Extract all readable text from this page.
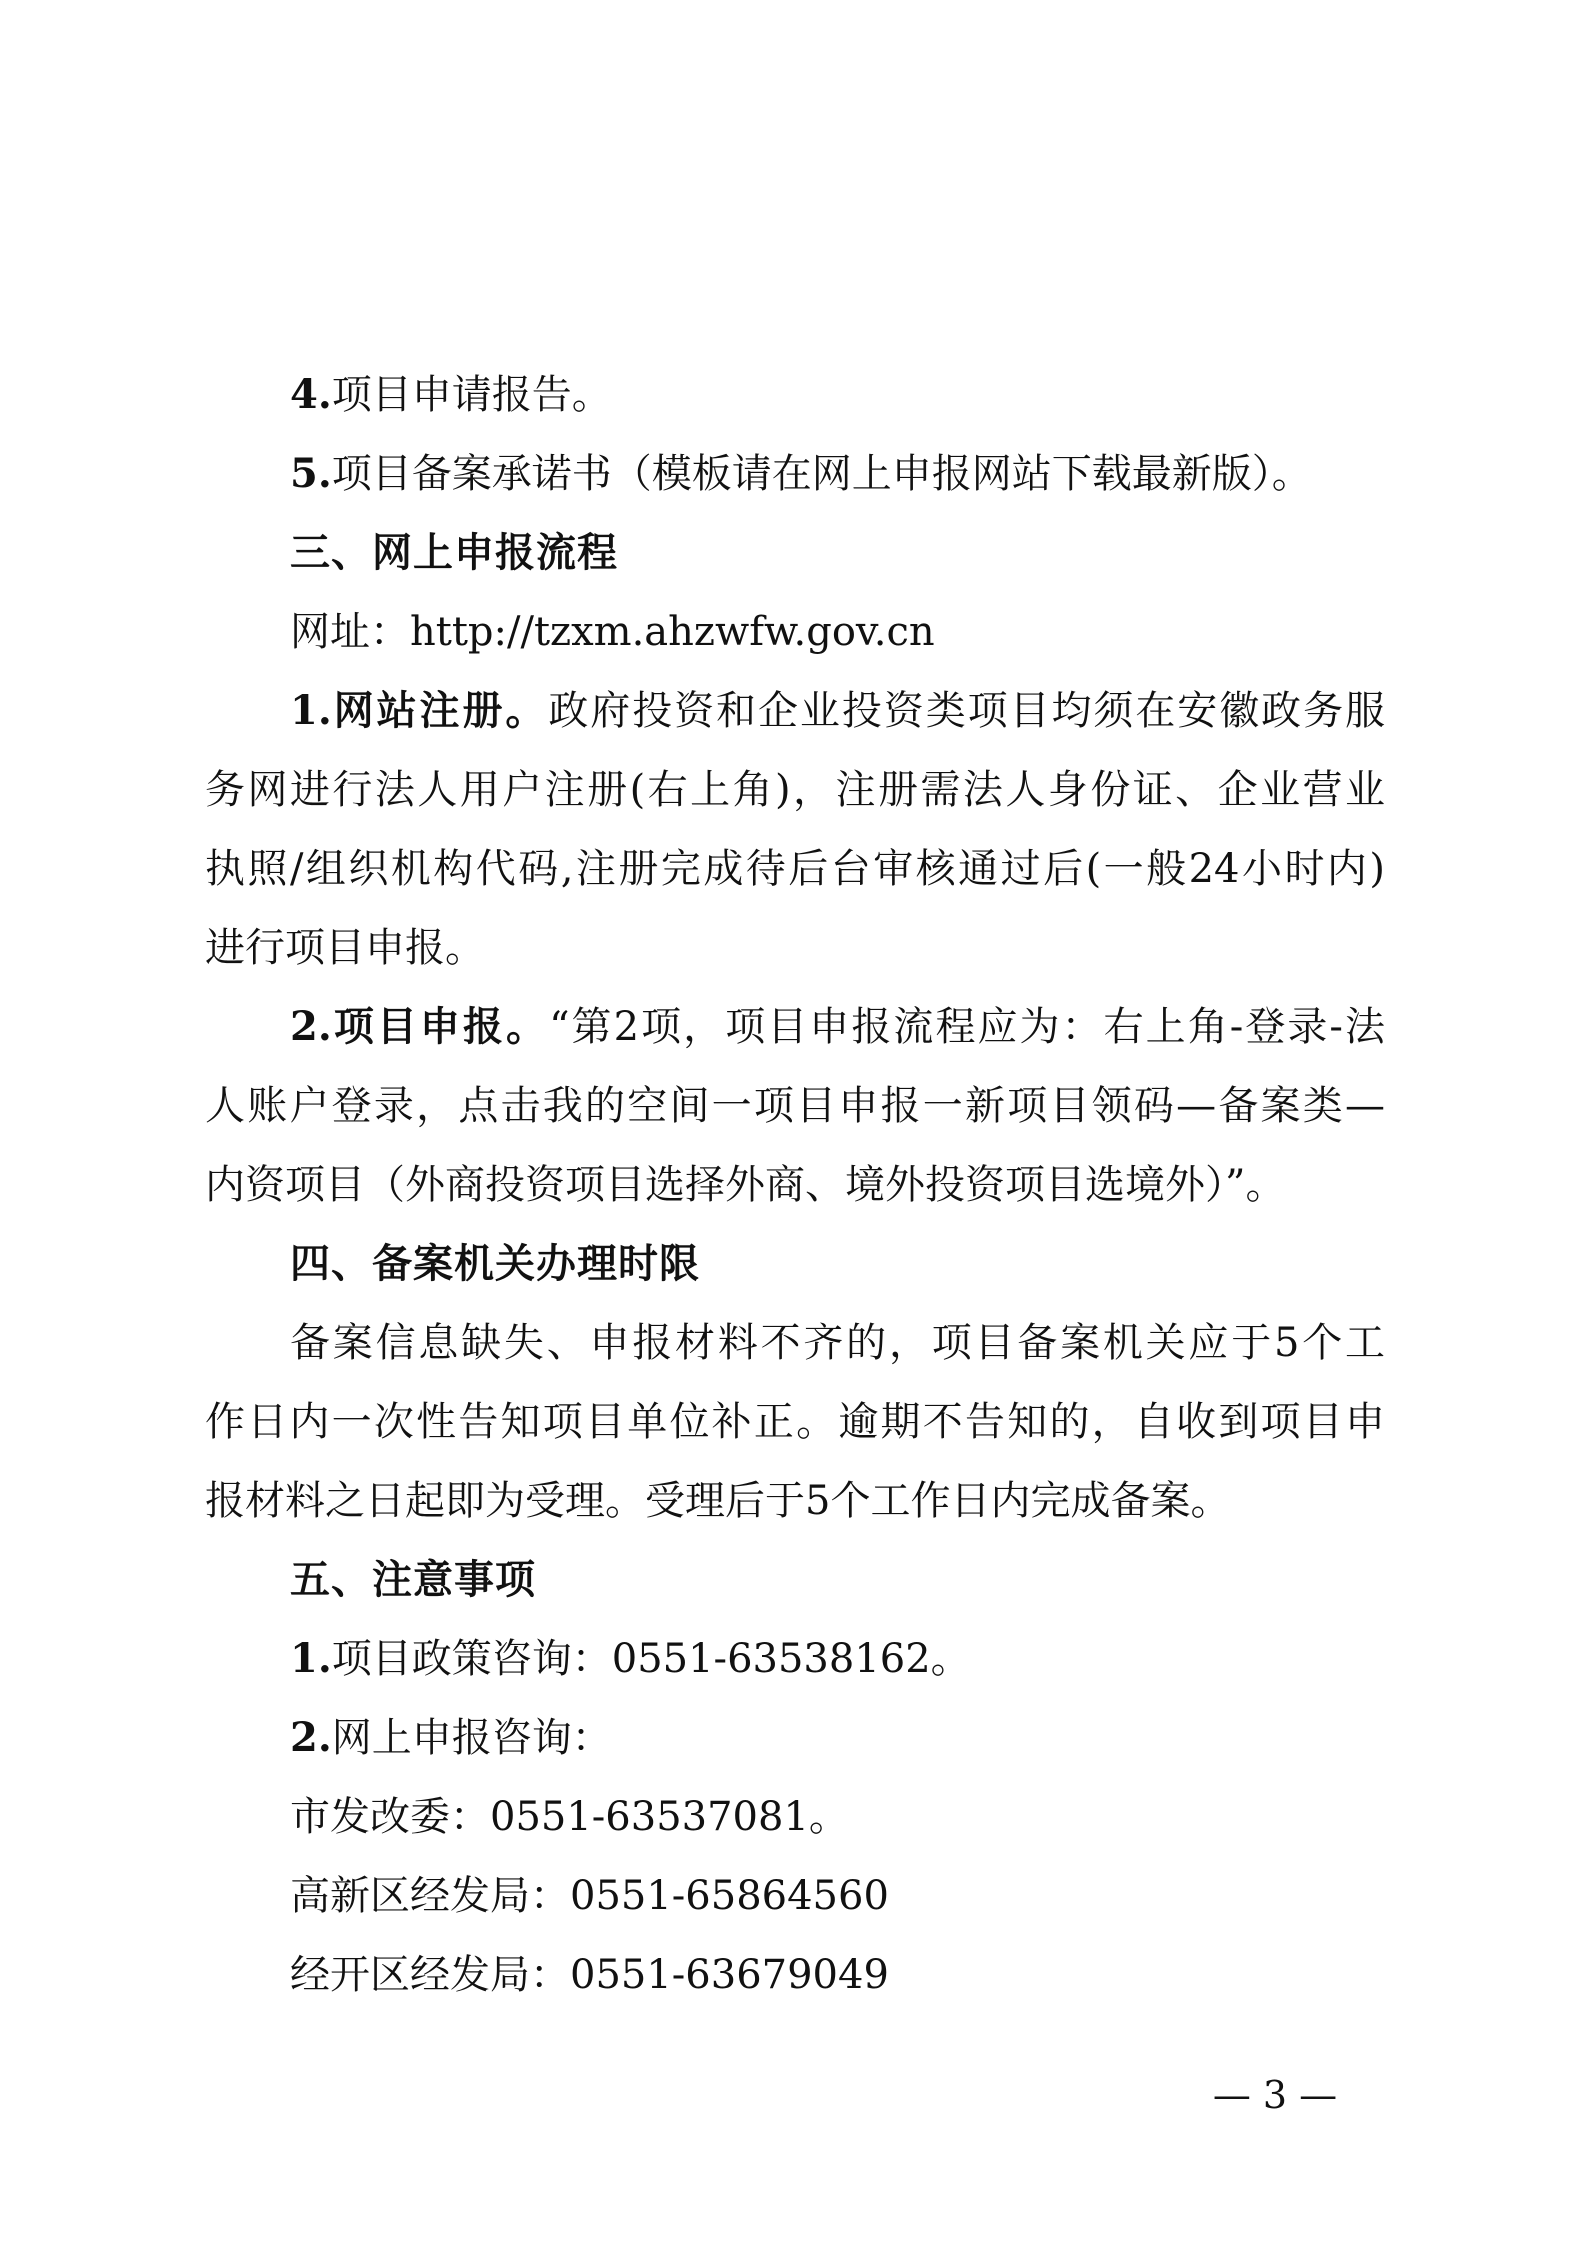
4.项目申请报告。
5.项目备案承诺书（模板请在网上申报网站下载最新版）。
三、网上申报流程
网址：http://tzxm.ahzwfw.gov.cn
1.网站注册。政府投资和企业投资类项目均须在安徽政务服
务网进行法人用户注册(右上角)，注册需法人身份证、企业营业
执照/组织机构代码,注册完成待后台审核通过后(一般24小时内)
进行项目申报。
2.项目申报。“第2项，项目申报流程应为：右上角-登录-法
人账户登录，点击我的空间一项目申报一新项目领码—备案类—
内资项目（外商投资项目选择外商、境外投资项目选境外）”。
四、备案机关办理时限
备案信息缺失、申报材料不齐的，项目备案机关应于5个工
作日内一次性告知项目单位补正。逾期不告知的，自收到项目申
报材料之日起即为受理。受理后于5个工作日内完成备案。
五、注意事项
1.项目政策咨询：0551-63538162。
2.网上申报咨询：
市发改委：0551-63537081。
高新区经发局：0551-65864560
经开区经发局：0551-63679049
— 3 —
